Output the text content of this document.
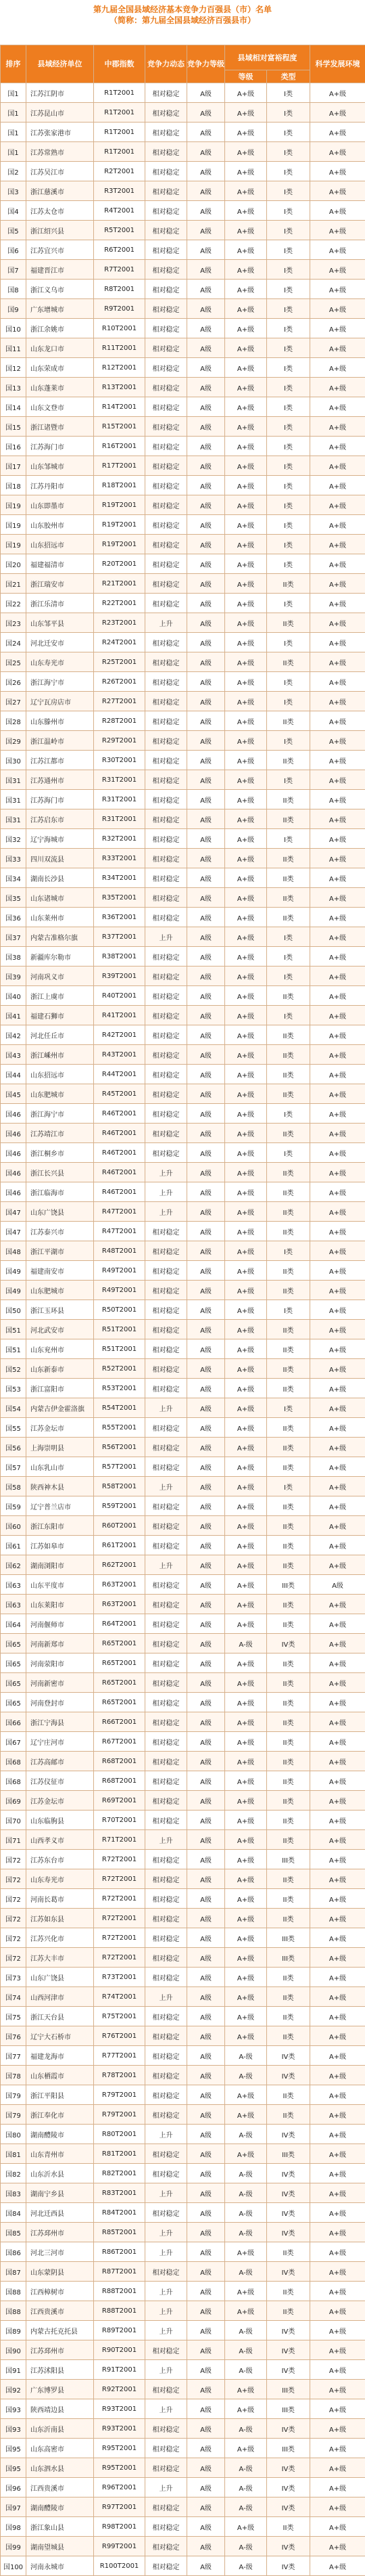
第九届全国县域经济基本竞争力百强县（市）名单
（简称：第九届全国县域经济百强县市）
排序	县域经济单位	中郡指数	竞争力动态	竞争力等级	县域相对富裕程度		科学发展环境
					等级	类型	
国1	江苏江阴市	R1T2001	相对稳定	A级	A+级	I类	A+级
国1	江苏昆山市	R1T2001	相对稳定	A级	A+级	I类	A+级
国1	江苏张家港市	R1T2001	相对稳定	A级	A+级	I类	A+级
国1	江苏常熟市	R1T2001	相对稳定	A级	A+级	I类	A+级
国2	江苏吴江市	R2T2001	相对稳定	A级	A+级	I类	A+级
国3	浙江慈溪市	R3T2001	相对稳定	A级	A+级	I类	A+级
国4	江苏太仓市	R4T2001	相对稳定	A级	A+级	I类	A+级
国5	浙江绍兴县	R5T2001	相对稳定	A级	A+级	I类	A+级
国6	江苏宜兴市	R6T2001	相对稳定	A级	A+级	I类	A+级
国7	福建晋江市	R7T2001	相对稳定	A级	A+级	I类	A+级
国8	浙江义乌市	R8T2001	相对稳定	A级	A+级	I类	A+级
国9	广东增城市	R9T2001	相对稳定	A级	A+级	I类	A+级
国10	浙江余姚市	R10T2001	相对稳定	A级	A+级	I类	A+级
国11	山东龙口市	R11T2001	相对稳定	A级	A+级	I类	A+级
国12	山东荣成市	R12T2001	相对稳定	A级	A+级	I类	A+级
国13	山东蓬莱市	R13T2001	相对稳定	A级	A+级	I类	A+级
国14	山东文登市	R14T2001	相对稳定	A级	A+级	I类	A+级
国15	浙江诸暨市	R15T2001	相对稳定	A级	A+级	I类	A+级
国16	江苏海门市	R16T2001	相对稳定	A级	A+级	I类	A+级
国17	山东邹城市	R17T2001	相对稳定	A级	A+级	I类	A+级
国18	江苏丹阳市	R18T2001	相对稳定	A级	A+级	I类	A+级
国19	山东即墨市	R19T2001	相对稳定	A级	A+级	I类	A+级
国19	山东胶州市	R19T2001	相对稳定	A级	A+级	I类	A+级
国19	山东招远市	R19T2001	相对稳定	A级	A+级	I类	A+级
国20	福建福清市	R20T2001	相对稳定	A级	A+级	I类	A+级
国21	浙江瑞安市	R21T2001	相对稳定	A级	A+级	II类	A+级
国22	浙江乐清市	R22T2001	相对稳定	A级	A+级	I类	A+级
国23	山东邹平县	R23T2001	上升	A级	A+级	II类	A+级
国24	河北迁安市	R24T2001	相对稳定	A级	A+级	I类	A+级
国25	山东寿光市	R25T2001	相对稳定	A级	A+级	II类	A+级
国26	浙江海宁市	R26T2001	相对稳定	A级	A+级	I类	A+级
国27	辽宁瓦房店市	R27T2001	相对稳定	A级	A+级	I类	A+级
国28	山东滕州市	R28T2001	相对稳定	A级	A+级	II类	A+级
国29	浙江温岭市	R29T2001	相对稳定	A级	A+级	I类	A+级
国30	江苏江都市	R30T2001	相对稳定	A级	A+级	II类	A+级
国31	江苏通州市	R31T2001	相对稳定	A级	A+级	I类	A+级
国31	江苏海门市	R31T2001	相对稳定	A级	A+级	II类	A+级
国31	江苏启东市	R31T2001	相对稳定	A级	A+级	II类	A+级
国32	辽宁海城市	R32T2001	相对稳定	A级	A+级	I类	A+级
国33	四川双流县	R33T2001	相对稳定	A级	A+级	II类	A+级
国34	湖南长沙县	R34T2001	相对稳定	A级	A+级	II类	A+级
国35	山东诸城市	R35T2001	相对稳定	A级	A+级	II类	A+级
国36	山东莱州市	R36T2001	相对稳定	A级	A+级	II类	A+级
国37	内蒙古准格尔旗	R37T2001	上升	A级	A+级	I类	A+级
国38	新疆库尔勒市	R38T2001	相对稳定	A级	A+级	I类	A+级
国39	河南巩义市	R39T2001	相对稳定	A级	A+级	I类	A+级
国40	浙江上虞市	R40T2001	相对稳定	A级	A+级	II类	A+级
国41	福建石狮市	R41T2001	相对稳定	A级	A+级	I类	A+级
国42	河北任丘市	R42T2001	相对稳定	A级	A+级	II类	A+级
国43	浙江嵊州市	R43T2001	相对稳定	A级	A+级	II类	A+级
国44	山东招远市	R44T2001	相对稳定	A级	A+级	II类	A+级
国45	山东肥城市	R45T2001	相对稳定	A级	A+级	II类	A+级
国46	浙江海宁市	R46T2001	相对稳定	A级	A+级	I类	A+级
国46	江苏靖江市	R46T2001	相对稳定	A级	A+级	II类	A+级
国46	浙江桐乡市	R46T2001	相对稳定	A级	A+级	I类	A+级
国46	浙江长兴县	R46T2001	上升	A级	A+级	II类	A+级
国46	浙江临海市	R46T2001	上升	A级	A+级	II类	A+级
国47	山东广饶县	R47T2001	上升	A级	A+级	II类	A+级
国47	江苏泰兴市	R47T2001	相对稳定	A级	A+级	II类	A+级
国48	浙江平湖市	R48T2001	相对稳定	A级	A+级	I类	A+级
国49	福建南安市	R49T2001	相对稳定	A级	A+级	II类	A+级
国49	山东肥城市	R49T2001	相对稳定	A级	A+级	II类	A+级
国50	浙江玉环县	R50T2001	相对稳定	A级	A+级	I类	A+级
国51	河北武安市	R51T2001	相对稳定	A级	A+级	II类	A+级
国51	山东兖州市	R51T2001	相对稳定	A级	A+级	II类	A+级
国52	山东新泰市	R52T2001	相对稳定	A级	A+级	II类	A+级
国53	浙江富阳市	R53T2001	相对稳定	A级	A+级	II类	A+级
国54	内蒙古伊金霍洛旗	R54T2001	上升	A级	A+级	I类	A+级
国55	江苏金坛市	R55T2001	相对稳定	A级	A+级	II类	A+级
国56	上海崇明县	R56T2001	相对稳定	A级	A+级	II类	A+级
国57	山东乳山市	R57T2001	相对稳定	A级	A+级	II类	A+级
国58	陕西神木县	R58T2001	上升	A级	A+级	I类	A+级
国59	辽宁普兰店市	R59T2001	相对稳定	A级	A+级	II类	A+级
国60	浙江东阳市	R60T2001	相对稳定	A级	A+级	II类	A+级
国61	江苏如皋市	R61T2001	相对稳定	A级	A+级	II类	A+级
国62	湖南浏阳市	R62T2001	上升	A级	A+级	II类	A+级
国63	山东平度市	R63T2001	相对稳定	A级	A+级	III类	A级
国63	山东莱阳市	R63T2001	相对稳定	A级	A+级	II类	A+级
国64	河南偃师市	R64T2001	相对稳定	A级	A+级	II类	A+级
国65	河南新郑市	R65T2001	相对稳定	A级	A-级	IV类	A+级
国65	河南荥阳市	R65T2001	相对稳定	A级	A+级	II类	A+级
国65	河南新密市	R65T2001	相对稳定	A级	A+级	II类	A+级
国65	河南登封市	R65T2001	相对稳定	A级	A+级	II类	A+级
国66	浙江宁海县	R66T2001	相对稳定	A级	A+级	II类	A+级
国67	辽宁庄河市	R67T2001	相对稳定	A级	A+级	II类	A+级
国68	江苏高邮市	R68T2001	相对稳定	A级	A+级	II类	A+级
国68	江苏仪征市	R68T2001	相对稳定	A级	A+级	II类	A+级
国69	江苏金坛市	R69T2001	相对稳定	A级	A+级	II类	A+级
国70	山东临朐县	R70T2001	相对稳定	A级	A+级	II类	A+级
国71	山西孝义市	R71T2001	上升	A级	A+级	II类	A+级
国72	江苏东台市	R72T2001	相对稳定	A级	A+级	III类	A+级
国72	山东寿光市	R72T2001	相对稳定	A级	A+级	II类	A+级
国72	河南长葛市	R72T2001	相对稳定	A级	A+级	II类	A+级
国72	江苏如东县	R72T2001	相对稳定	A级	A+级	II类	A+级
国72	江苏兴化市	R72T2001	相对稳定	A级	A+级	III类	A+级
国72	江苏大丰市	R72T2001	相对稳定	A级	A+级	III类	A+级
国73	山东广饶县	R73T2001	相对稳定	A级	A+级	II类	A+级
国74	山西河津市	R74T2001	上升	A级	A+级	II类	A+级
国75	浙江天台县	R75T2001	相对稳定	A级	A+级	II类	A+级
国76	辽宁大石桥市	R76T2001	相对稳定	A级	A+级	II类	A+级
国77	福建龙海市	R77T2001	相对稳定	A级	A-级	IV类	A+级
国78	山东栖霞市	R78T2001	相对稳定	A级	A-级	IV类	A+级
国79	浙江平阳县	R79T2001	相对稳定	A级	A+级	II类	A+级
国79	浙江奉化市	R79T2001	相对稳定	A级	A+级	II类	A+级
国80	湖南醴陵市	R80T2001	上升	A级	A-级	IV类	A+级
国81	山东青州市	R81T2001	相对稳定	A级	A+级	III类	A+级
国82	山东沂水县	R82T2001	相对稳定	A级	A-级	IV类	A+级
国83	湖南宁乡县	R83T2001	上升	A级	A-级	IV类	A+级
国84	河北迁西县	R84T2001	相对稳定	A级	A-级	IV类	A+级
国85	江苏邳州市	R85T2001	上升	A级	A-级	IV类	A+级
国86	河北三河市	R86T2001	上升	A级	A+级	II类	A+级
国87	山东蒙阴县	R87T2001	相对稳定	A级	A-级	IV类	A+级
国88	江西樟树市	R88T2001	上升	A级	A+级	II类	A+级
国88	江西贵溪市	R88T2001	上升	A级	A+级	II类	A+级
国89	内蒙古托克托县	R89T2001	上升	A级	A-级	IV类	A+级
国90	江苏邳州市	R90T2001	相对稳定	A级	A-级	IV类	A+级
国91	江苏沭阳县	R91T2001	上升	A级	A-级	IV类	A+级
国92	广东博罗县	R92T2001	相对稳定	A级	A+级	III类	A+级
国93	陕西靖边县	R93T2001	上升	A级	A+级	III类	A+级
国93	山东沂南县	R93T2001	相对稳定	A级	A-级	IV类	A+级
国95	山东高密市	R95T2001	相对稳定	A级	A+级	III类	A+级
国95	山东泗水县	R95T2001	相对稳定	A级	A-级	IV类	A+级
国96	江西贵溪市	R96T2001	上升	A级	A-级	IV类	A+级
国97	湖南醴陵市	R97T2001	相对稳定	A级	A-级	IV类	A+级
国98	浙江象山县	R98T2001	相对稳定	A级	A+级	II类	A+级
国99	湖南望城县	R99T2001	相对稳定	A级	A-级	IV类	A+级
国100	河南永城市	R100T2001	相对稳定	A级	A-级	IV类	A+级
